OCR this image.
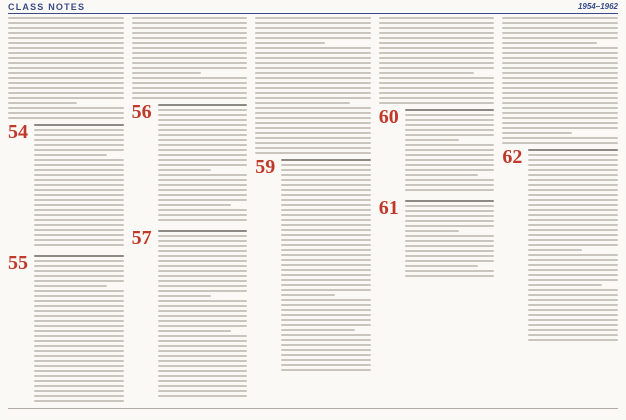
CLASS NOTES	1954–1962
54
55
56
57
59
60
61
62
